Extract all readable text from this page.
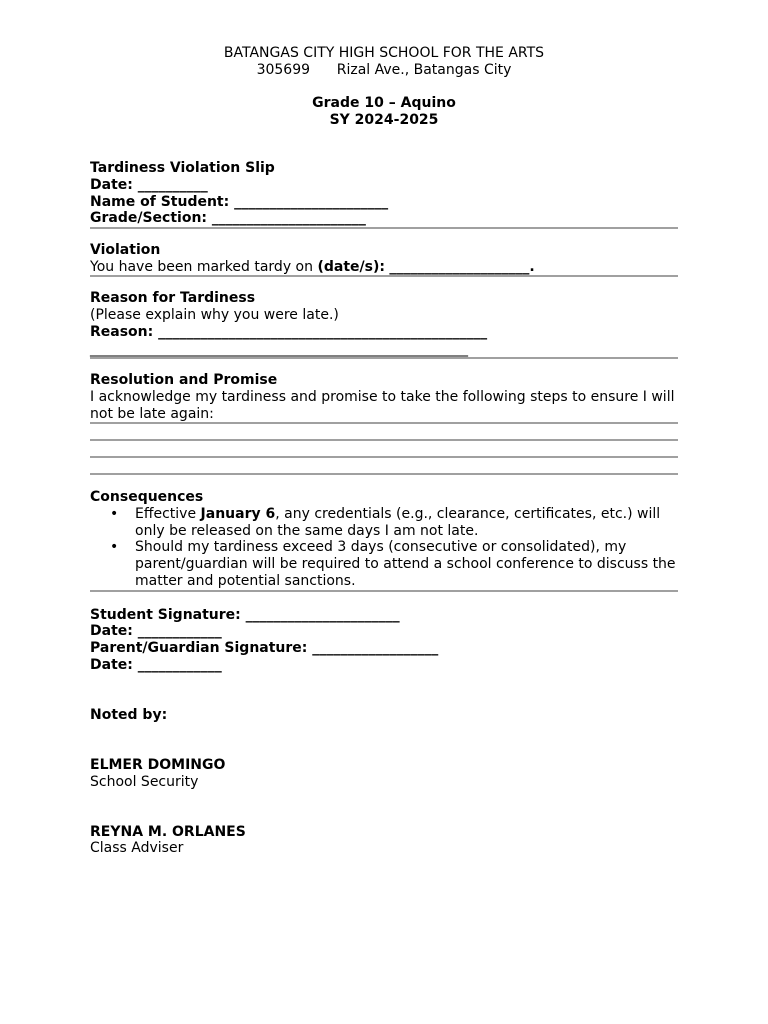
BATANGAS CITY HIGH SCHOOL FOR THE ARTS
305699 Rizal Ave., Batangas City
Grade 10 – Aquino
SY 2024-2025
Tardiness Violation Slip
Date: __________
Name of Student: ______________________
Grade/Section: ______________________
Violation
You have been marked tardy on (date/s): ____________________.
Reason for Tardiness
(Please explain why you were late.)
Reason: _______________________________________________
______________________________________________________
Resolution and Promise
I acknowledge my tardiness and promise to take the following steps to ensure I will not be late again:
Consequences
• Effective January 6, any credentials (e.g., clearance, certificates, etc.) will only be released on the same days I am not late.
• Should my tardiness exceed 3 days (consecutive or consolidated), my parent/guardian will be required to attend a school conference to discuss the matter and potential sanctions.
Student Signature: ______________________
Date: ____________
Parent/Guardian Signature: __________________
Date: ____________
Noted by:
ELMER DOMINGO
School Security
REYNA M. ORLANES
Class Adviser
